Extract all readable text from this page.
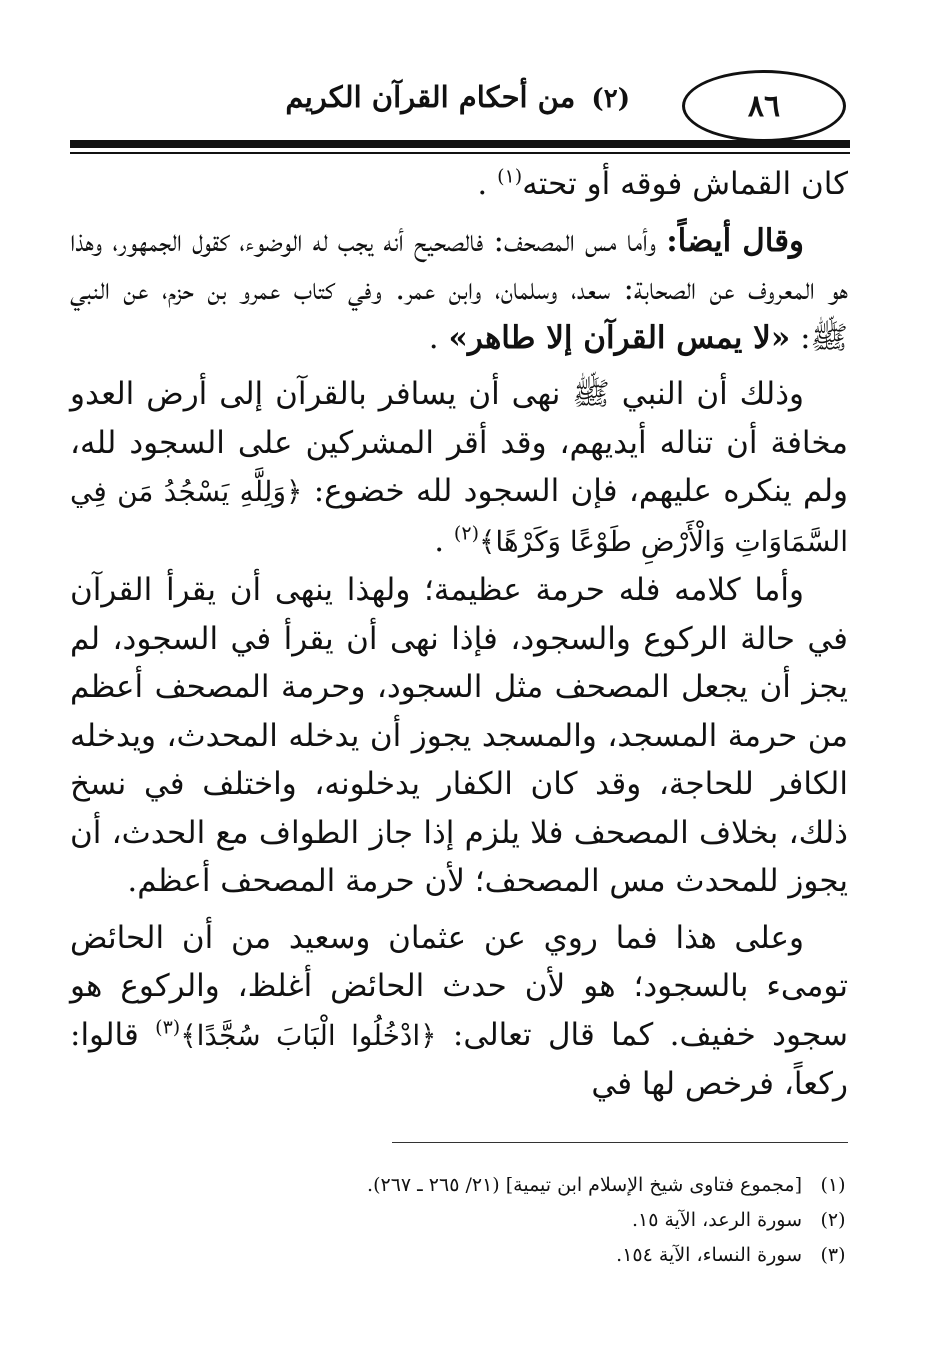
٨٦
(٢) من أحكام القرآن الكريم

كان القماش فوقه أو تحته$^{(١)}$ .

وقال أيضاً: وأما مس المصحف: فالصحيح أنه يجب له الوضوء، كقول الجمهور، وهذا هو المعروف عن الصحابة: سعد، وسلمان، وابن عمر. وفي كتاب عمرو بن حزم، عن النبي ﷺ: «لا يمس القرآن إلا طاهر» .

وذلك أن النبي ﷺ نهى أن يسافر بالقرآن إلى أرض العدو مخافة أن تناله أيديهم، وقد أقر المشركين على السجود لله، ولم ينكره عليهم، فإن السجود لله خضوع: ﴿وَلِلَّهِ يَسْجُدُ مَن فِي السَّمَاوَاتِ وَالْأَرْضِ طَوْعًا وَكَرْهًا﴾$^{(٢)}$ .

وأما كلامه فله حرمة عظيمة؛ ولهذا ينهى أن يقرأ القرآن في حالة الركوع والسجود، فإذا نهى أن يقرأ في السجود، لم يجز أن يجعل المصحف مثل السجود، وحرمة المصحف أعظم من حرمة المسجد، والمسجد يجوز أن يدخله المحدث، ويدخله الكافر للحاجة، وقد كان الكفار يدخلونه، واختلف في نسخ ذلك، بخلاف المصحف فلا يلزم إذا جاز الطواف مع الحدث، أن يجوز للمحدث مس المصحف؛ لأن حرمة المصحف أعظم.

وعلى هذا فما روي عن عثمان وسعيد من أن الحائض تومىء بالسجود؛ هو لأن حدث الحائض أغلظ، والركوع هو سجود خفيف. كما قال تعالى: ﴿ادْخُلُوا الْبَابَ سُجَّدًا﴾$^{(٣)}$ قالوا: ركعاً، فرخص لها في

(١)
[مجموع فتاوى شيخ الإسلام ابن تيمية] (٢١/ ٢٦٥ ـ ٢٦٧).
(٢)
سورة الرعد، الآية ١٥.
(٣)
سورة النساء، الآية ١٥٤.
